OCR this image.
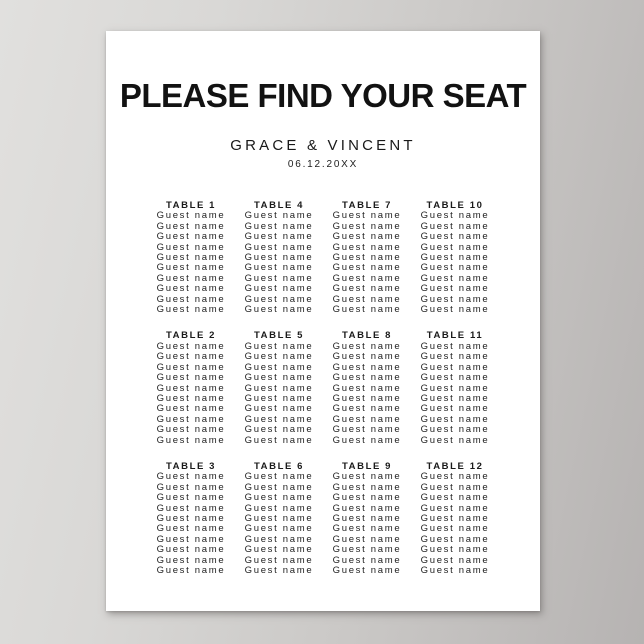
PLEASE FIND YOUR SEAT
GRACE & VINCENT
06.12.20XX
TABLE 1
Guest name
Guest name
Guest name
Guest name
Guest name
Guest name
Guest name
Guest name
Guest name
Guest name
TABLE 2
Guest name
Guest name
Guest name
Guest name
Guest name
Guest name
Guest name
Guest name
Guest name
Guest name
TABLE 3
Guest name
Guest name
Guest name
Guest name
Guest name
Guest name
Guest name
Guest name
Guest name
Guest name
TABLE 4
Guest name
Guest name
Guest name
Guest name
Guest name
Guest name
Guest name
Guest name
Guest name
Guest name
TABLE 5
Guest name
Guest name
Guest name
Guest name
Guest name
Guest name
Guest name
Guest name
Guest name
Guest name
TABLE 6
Guest name
Guest name
Guest name
Guest name
Guest name
Guest name
Guest name
Guest name
Guest name
Guest name
TABLE 7
Guest name
Guest name
Guest name
Guest name
Guest name
Guest name
Guest name
Guest name
Guest name
Guest name
TABLE 8
Guest name
Guest name
Guest name
Guest name
Guest name
Guest name
Guest name
Guest name
Guest name
Guest name
TABLE 9
Guest name
Guest name
Guest name
Guest name
Guest name
Guest name
Guest name
Guest name
Guest name
Guest name
TABLE 10
Guest name
Guest name
Guest name
Guest name
Guest name
Guest name
Guest name
Guest name
Guest name
Guest name
TABLE 11
Guest name
Guest name
Guest name
Guest name
Guest name
Guest name
Guest name
Guest name
Guest name
Guest name
TABLE 12
Guest name
Guest name
Guest name
Guest name
Guest name
Guest name
Guest name
Guest name
Guest name
Guest name
